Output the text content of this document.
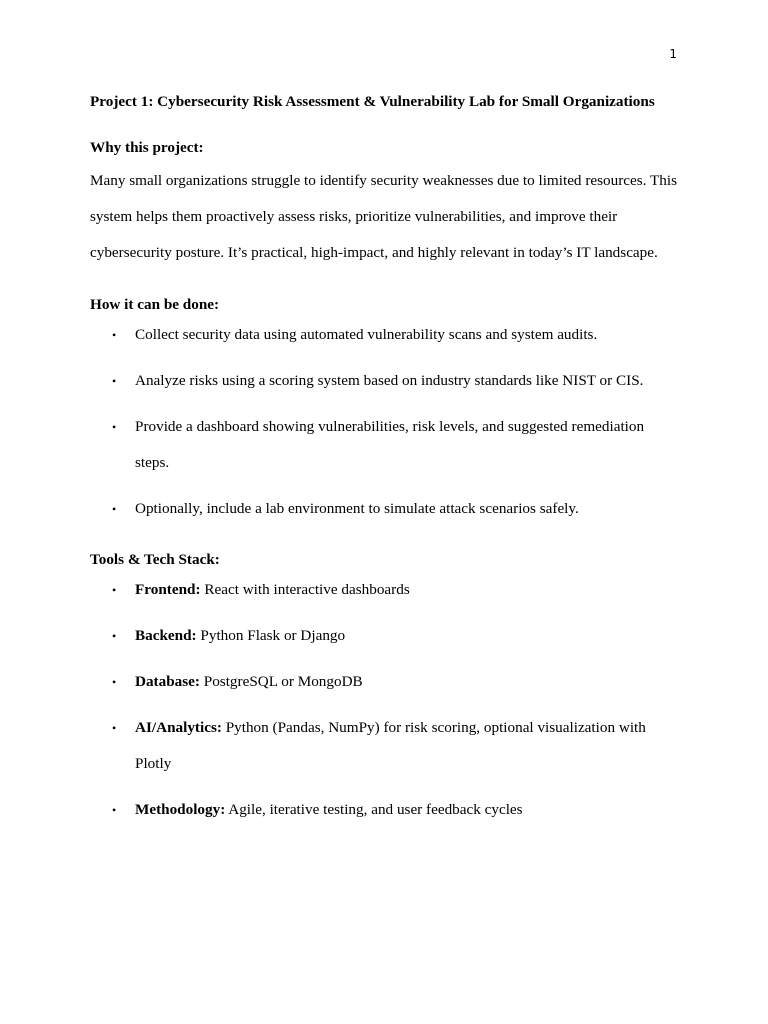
1

Project 1: Cybersecurity Risk Assessment & Vulnerability Lab for Small Organizations

Why this project:

Many small organizations struggle to identify security weaknesses due to limited resources. This system helps them proactively assess risks, prioritize vulnerabilities, and improve their cybersecurity posture. It’s practical, high-impact, and highly relevant in today’s IT landscape.

How it can be done:

• Collect security data using automated vulnerability scans and system audits.
• Analyze risks using a scoring system based on industry standards like NIST or CIS.
• Provide a dashboard showing vulnerabilities, risk levels, and suggested remediation steps.
• Optionally, include a lab environment to simulate attack scenarios safely.

Tools & Tech Stack:

• Frontend: React with interactive dashboards
• Backend: Python Flask or Django
• Database: PostgreSQL or MongoDB
• AI/Analytics: Python (Pandas, NumPy) for risk scoring, optional visualization with Plotly
• Methodology: Agile, iterative testing, and user feedback cycles
